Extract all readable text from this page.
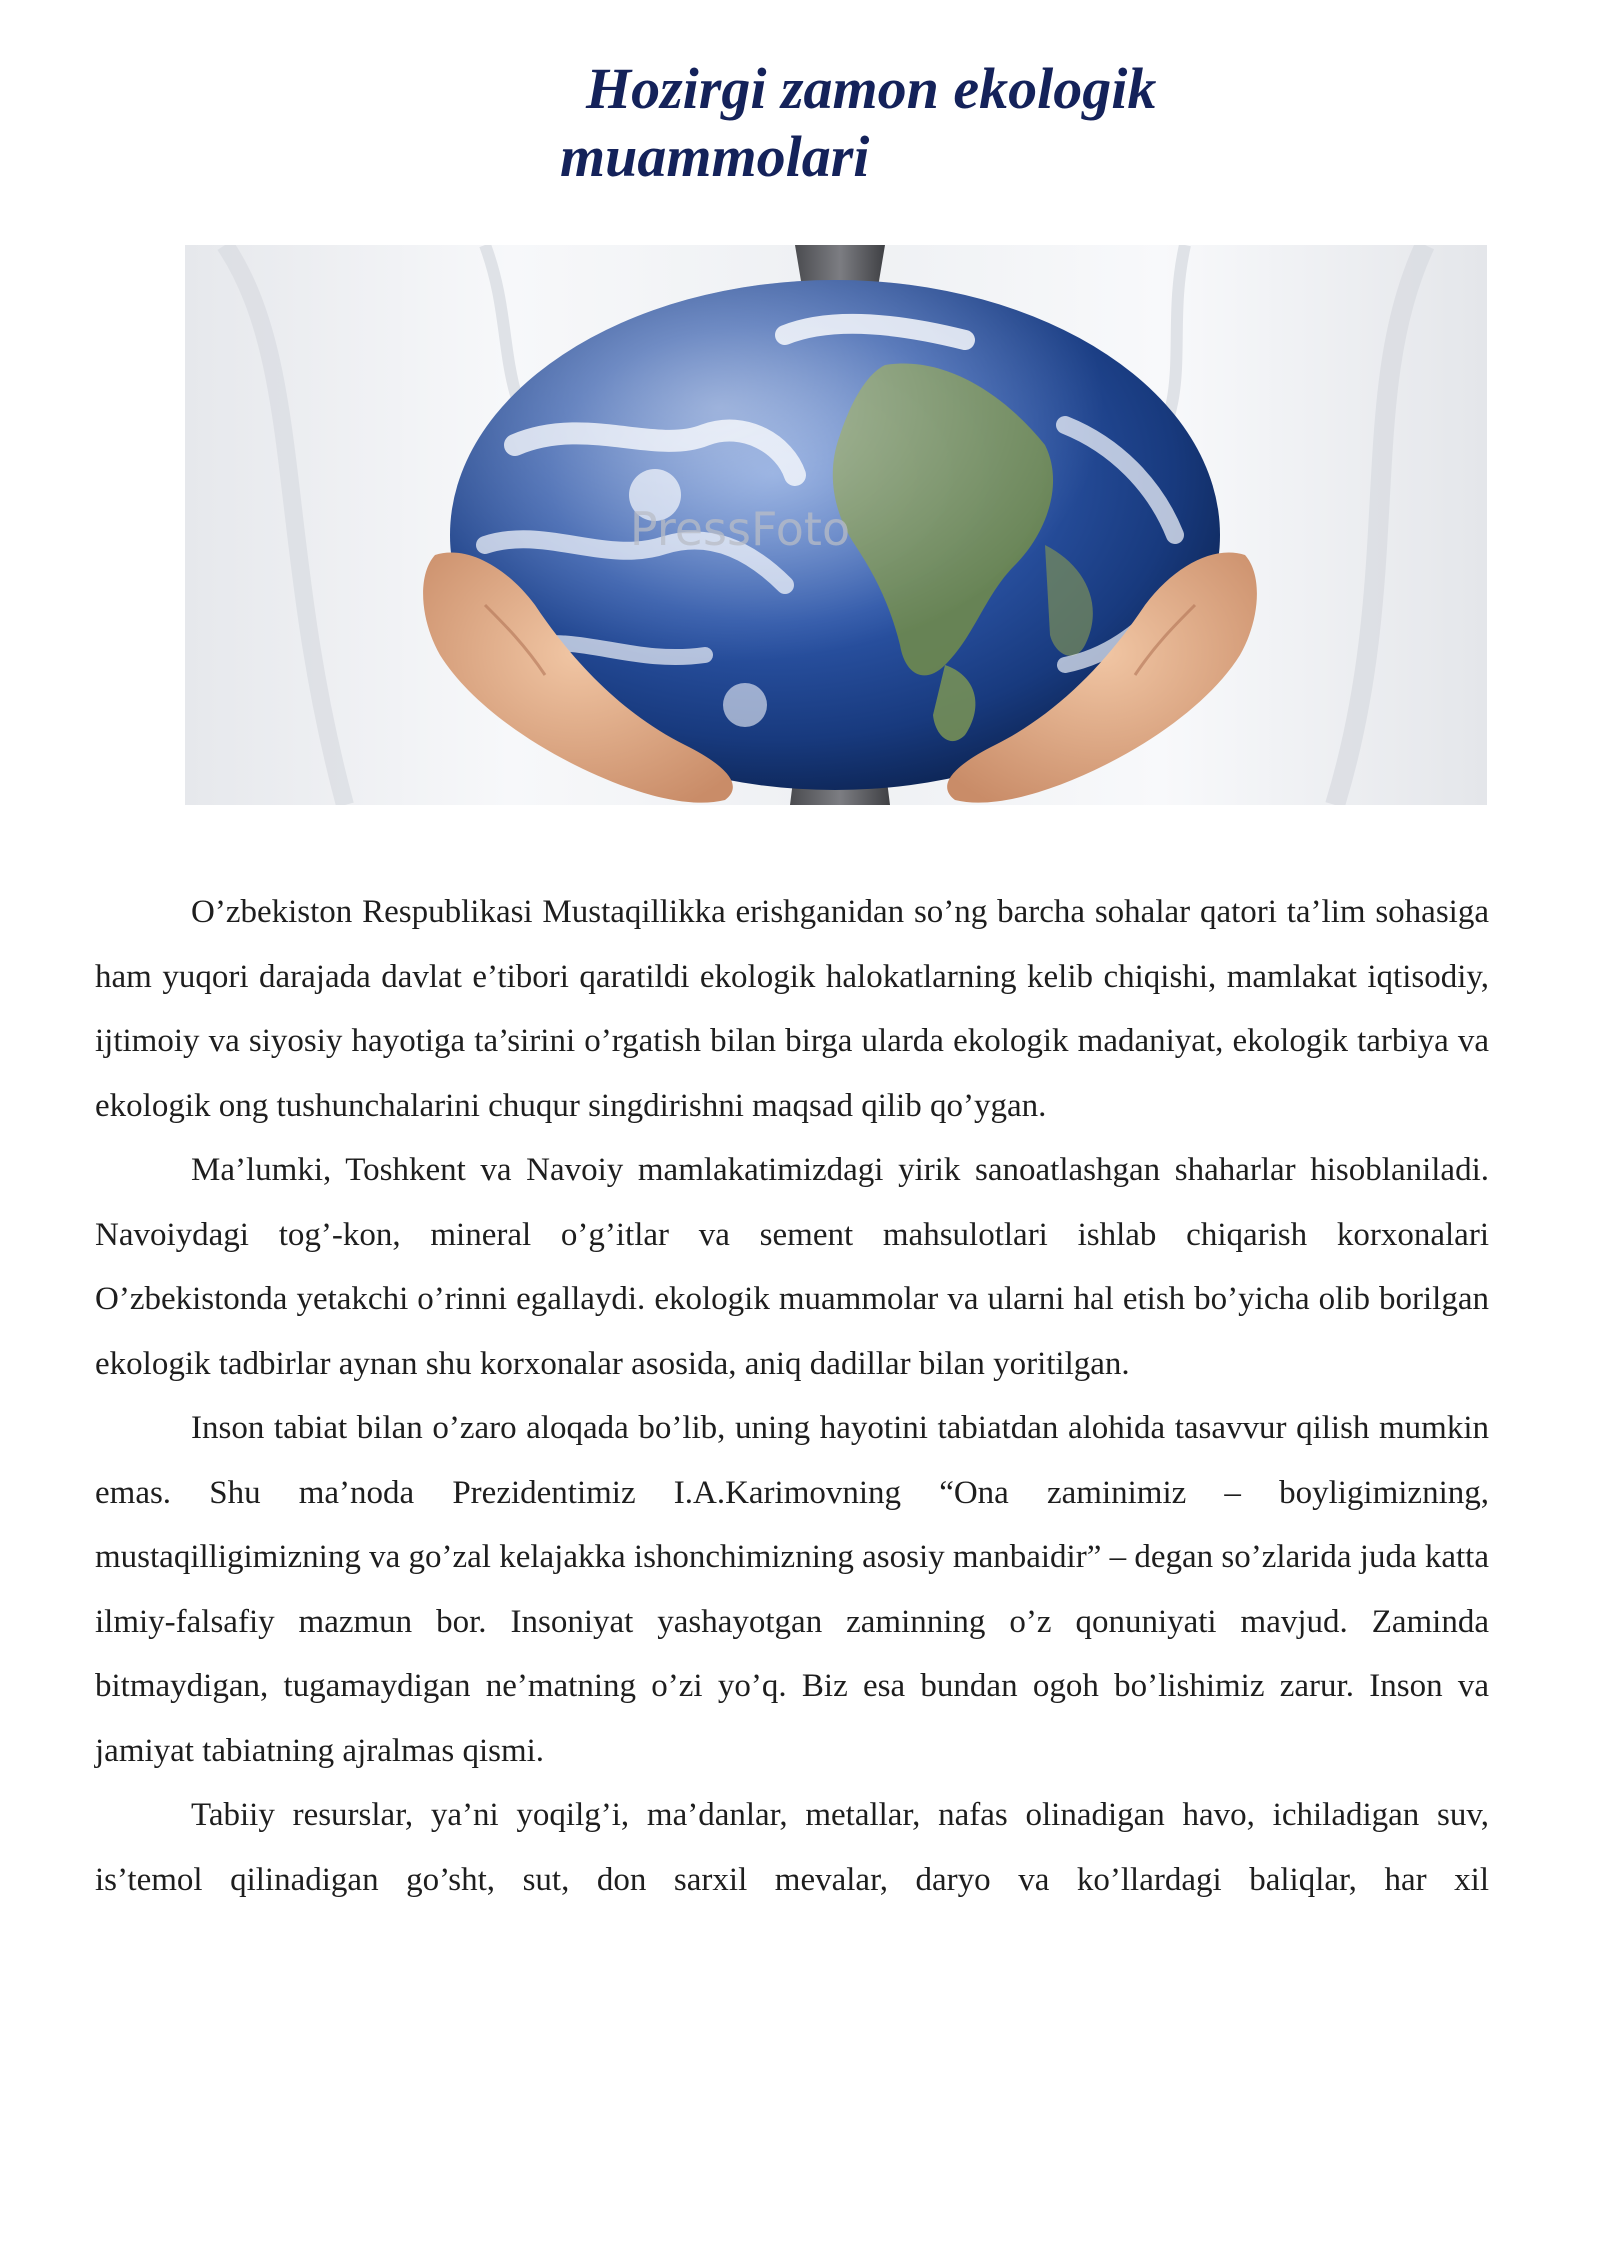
Hozirgi zamon ekologik
muammolari
PressFoto

O’zbekiston Respublikasi Mustaqillikka erishganidan so’ng barcha sohalar qatori ta’lim sohasiga ham yuqori darajada davlat e’tibori qaratildi ekologik halokatlarning kelib chiqishi, mamlakat iqtisodiy, ijtimoiy va siyosiy hayotiga ta’sirini o’rgatish bilan birga ularda ekologik madaniyat, ekologik tarbiya va ekologik ong tushunchalarini chuqur singdirishni maqsad qilib qo’ygan.

Ma’lumki, Toshkent va Navoiy mamlakatimizdagi yirik sanoatlashgan shaharlar hisoblaniladi. Navoiydagi tog’-kon, mineral o’g’itlar va sement mahsulotlari ishlab chiqarish korxonalari O’zbekistonda yetakchi o’rinni egallaydi. ekologik muammolar va ularni hal etish bo’yicha olib borilgan ekologik tadbirlar aynan shu korxonalar asosida, aniq dadillar bilan yoritilgan.

Inson tabiat bilan o’zaro aloqada bo’lib, uning hayotini tabiatdan alohida tasavvur qilish mumkin emas. Shu ma’noda Prezidentimiz I.A.Karimovning “Ona zaminimiz – boyligimizning, mustaqilligimizning va go’zal kelajakka ishonchimizning asosiy manbaidir” – degan so’zlarida juda katta ilmiy-falsafiy mazmun bor. Insoniyat yashayotgan zaminning o’z qonuniyati mavjud. Zaminda bitmaydigan, tugamaydigan ne’matning o’zi yo’q. Biz esa bundan ogoh bo’lishimiz zarur. Inson va jamiyat tabiatning ajralmas qismi.

Tabiiy resurslar, ya’ni yoqilg’i, ma’danlar, metallar, nafas olinadigan havo, ichiladigan suv, is’temol qilinadigan go’sht, sut, don sarxil mevalar, daryo va ko’llardagi baliqlar, har xil
